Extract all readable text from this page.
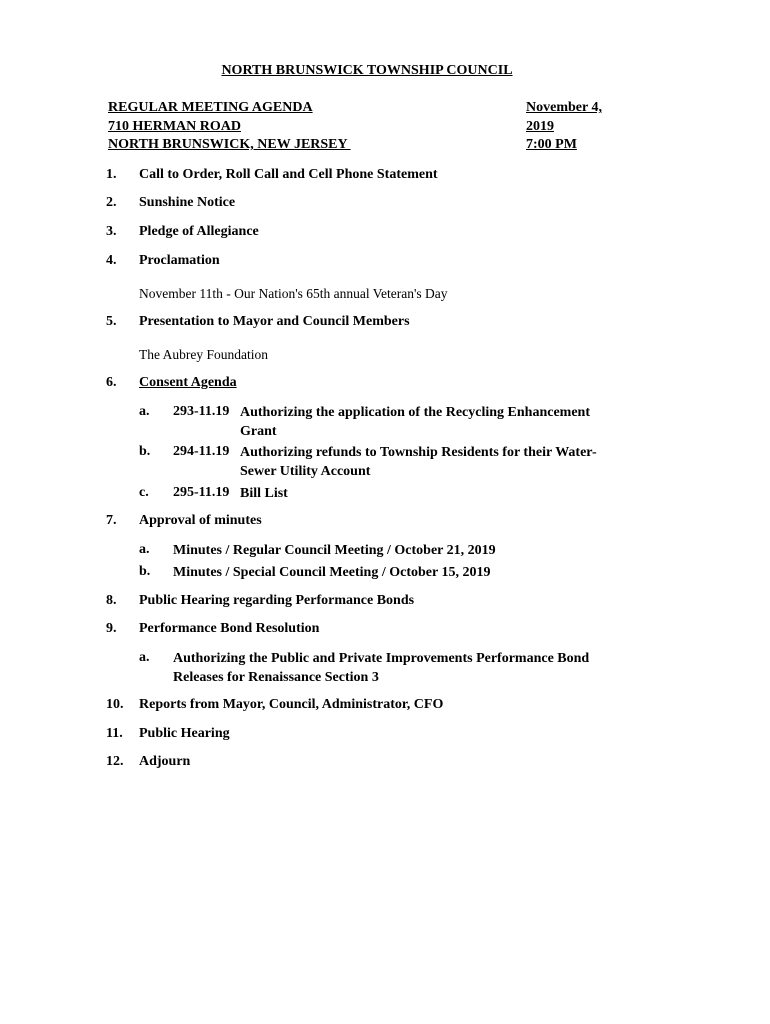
NORTH BRUNSWICK TOWNSHIP COUNCIL
REGULAR MEETING AGENDA
710 HERMAN ROAD
NORTH BRUNSWICK, NEW JERSEY
November 4,
2019
7:00 PM
1. Call to Order, Roll Call and Cell Phone Statement
2. Sunshine Notice
3. Pledge of Allegiance
4. Proclamation
November 11th - Our Nation's 65th annual Veteran's Day
5. Presentation to Mayor and Council Members
The Aubrey Foundation
6. Consent Agenda
a. 293-11.19 Authorizing the application of the Recycling Enhancement Grant
b. 294-11.19 Authorizing refunds to Township Residents for their Water-Sewer Utility Account
c. 295-11.19 Bill List
7. Approval of minutes
a. Minutes / Regular Council Meeting / October 21, 2019
b. Minutes / Special Council Meeting / October 15, 2019
8. Public Hearing regarding Performance Bonds
9. Performance Bond Resolution
a. Authorizing the Public and Private Improvements Performance Bond Releases for Renaissance Section 3
10. Reports from Mayor, Council, Administrator, CFO
11. Public Hearing
12. Adjourn
